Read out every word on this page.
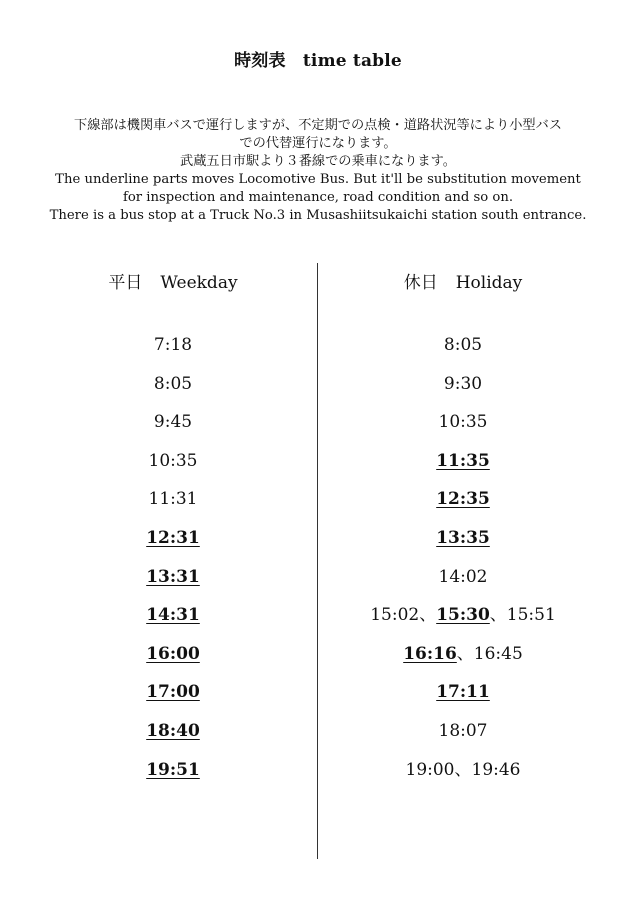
時刻表　time table
下線部は機関車バスで運行しますが、不定期での点検・道路状況等により小型バス
での代替運行になります。
武蔵五日市駅より３番線での乗車になります。
The underline parts moves Locomotive Bus. But it'll be substitution movement
for inspection and maintenance, road condition and so on.
There is a bus stop at a Truck No.3 in Musashiitsukaichi station south entrance.
平日 Weekday
7:18
8:05
9:45
10:35
11:31
12:31
13:31
14:31
16:00
17:00
18:40
19:51
休日 Holiday
8:05
9:30
10:35
11:35
12:35
13:35
14:02
15:02、15:30、15:51
16:16、16:45
17:11
18:07
19:00、19:46
